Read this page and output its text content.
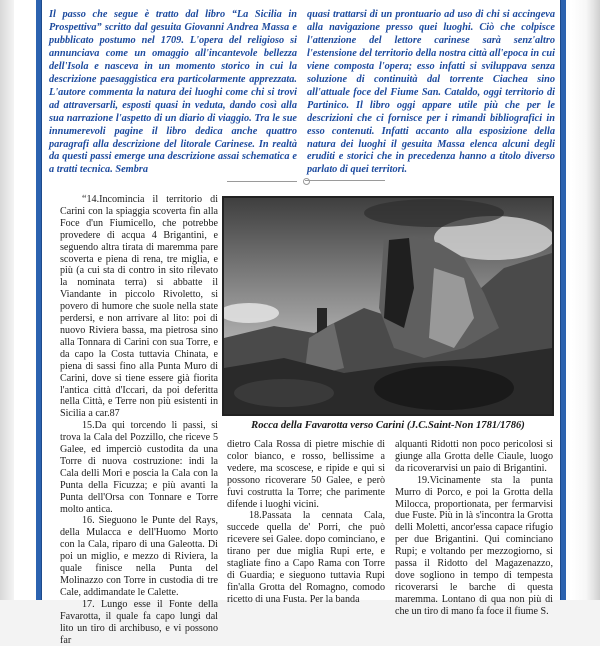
Il passo che segue è tratto dal libro “La Sicilia in Prospettiva” scritto dal gesuita Giovanni Andrea Massa e pubblicato postumo nel 1709. L'opera del religioso si annunciava come un omaggio all'incantevole bellezza dell'Isola e nasceva in un momento storico in cui la descrizione paesaggistica era particolarmente apprezzata. L'autore commenta la natura dei luoghi come chi si trovi ad attraversarli, esposti quasi in veduta, dando così alla sua narrazione l'aspetto di un diario di viaggio. Tra le sue innumerevoli pagine il libro dedica anche quattro paragrafi alla descrizione del litorale Carinese. In realtà da questi passi emerge una descrizione assai schematica e a tratti tecnica. Sembra

quasi trattarsi di un prontuario ad uso di chi si accingeva alla navigazione presso quei luoghi. Ciò che colpisce l'attenzione del lettore carinese sarà senz'altro l'estensione del territorio della nostra città all'epoca in cui viene composta l'opera; esso infatti si sviluppava senza soluzione di continuità dal torrente Ciachea sino all'attuale foce del Fiume San. Cataldo, oggi territorio di Partinico. Il libro oggi appare utile più che per le descrizioni che ci fornisce per i rimandi bibliografici in esso contenuti. Infatti accanto alla esposizione della natura dei luoghi il gesuita Massa elenca alcuni degli eruditi e storici che in precedenza hanno a titolo diverso parlato di quei territori.

“14.Incomincia il territorio di Carini con la spiaggia scoverta fin alla Foce d'un Fiumicello, che potrebbe provedere di acqua 4 Brigantini, e seguendo altra tirata di maremma pare scoverta e piena di rena, tre miglia, e più (a cui sta di contro in sito rilevato la nominata terra) si abbatte il Viandante in piccolo Rivoletto, si povero di humore che suole nella state perdersi, e non arrivare al lito: poi di nuovo Riviera bassa, ma pietrosa sino alla Tonnara di Carini con sua Torre, e da capo la Costa tuttavia Chinata, e piena di sassi fino alla Punta Muro di Carini, dove si tiene essere già fiorita l'antica città d'Iccari, da poi deferitta nella Città, e Terre non più esistenti in Sicilia a car.87

15.Da qui torcendo li passi, si trova la Cala del Pozzillo, che riceve 5 Galee, ed imperciò custodita da una Torre di nuova costruzione: indi la Cala delli Mori e poscia la Cala con la Punta della Ficuzza; e più avanti la Punta dell'Orsa con Tonnare e Torre molto antica.

16. Sieguono le Punte del Rays, della Mulacca e dell'Huomo Morto con la Cala, riparo di una Galeotta. Di poi un miglio, e mezzo di Riviera, la quale finisce nella Punta del Molinazzo con Torre in custodia di tre Cale, addimandate le Calette.

17. Lungo esse il Fonte della Favarotta, il quale fa capo lungi dal lito un tiro di archibuso, e vi possono far

Rocca della Favarotta verso Carini (J.C.Saint-Non 1781/1786)

dietro Cala Rossa di pietre mischie di color bianco, e rosso, bellissime a vedere, ma scoscese, e ripide e qui si possono ricoverare 50 Galee, e però fuvi costrutta la Torre; che parimente difende i luoghi vicini.

18.Passata la cennata Cala, succede quella de' Porri, che può ricevere sei Galee. dopo cominciano, e tirano per due miglia Rupi erte, e stagliate fino a Capo Rama con Torre di Guardia; e sieguono tuttavia Rupi fin'alla Grotta del Romagno, comodo ricetto di una Fusta. Per la banda

alquanti Ridotti non poco pericolosi si giunge alla Grotta delle Ciaule, luogo da ricoverarvisi un paio di Brigantini.

19.Vicinamente sta la punta Murro di Porco, e poi la Grotta della Milocca, proportionata, per fermarvisi due Fuste. Più in là s'incontra la Grotta delli Moletti, ancor'essa capace rifugio per due Brigantini. Qui cominciano Rupi; e voltando per mezzogiorno, si passa il Ridotto del Magazenazzo, dove sogliono in tempo di tempesta ricoverarsi le barche di questa maremma. Lontano di qua non più di che un tiro di mano fa foce il fiume S.
